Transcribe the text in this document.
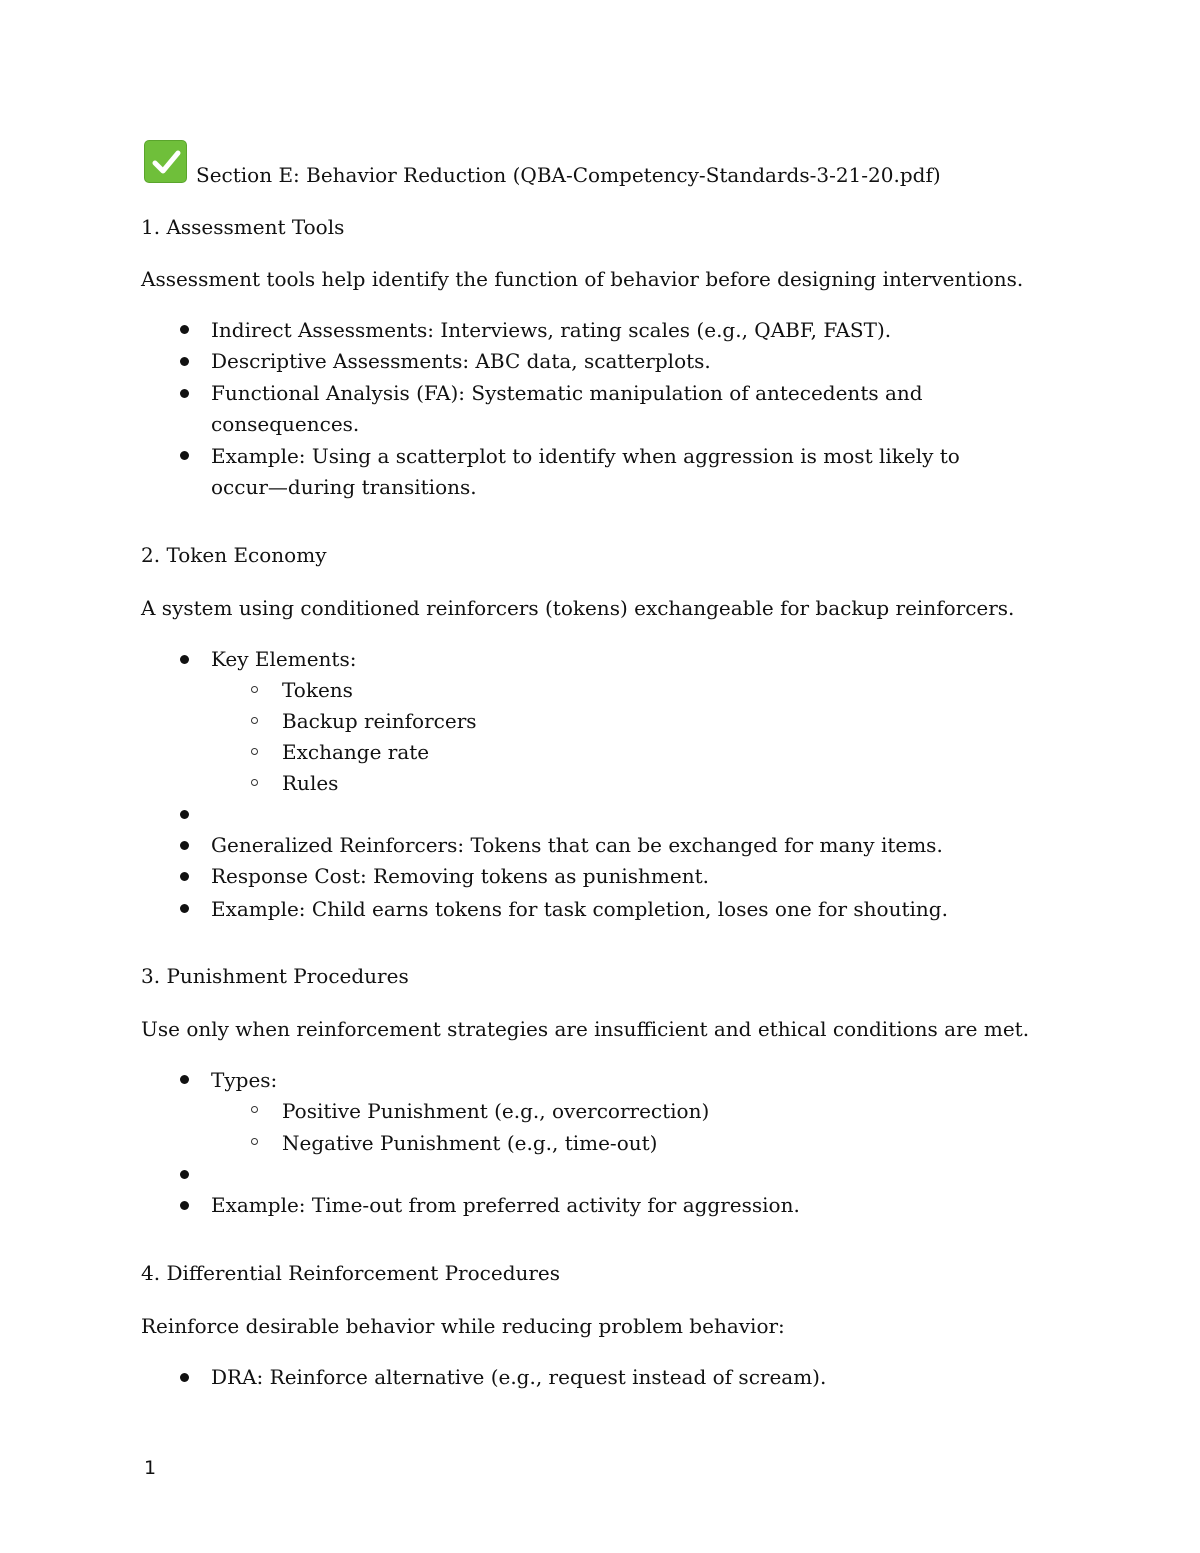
Section E: Behavior Reduction (QBA-Competency-Standards-3-21-20.pdf)
1. Assessment Tools
Assessment tools help identify the function of behavior before designing interventions.
Indirect Assessments: Interviews, rating scales (e.g., QABF, FAST).
Descriptive Assessments: ABC data, scatterplots.
Functional Analysis (FA): Systematic manipulation of antecedents and
consequences.
Example: Using a scatterplot to identify when aggression is most likely to
occur—during transitions.
2. Token Economy
A system using conditioned reinforcers (tokens) exchangeable for backup reinforcers.
Key Elements:
Tokens
Backup reinforcers
Exchange rate
Rules
Generalized Reinforcers: Tokens that can be exchanged for many items.
Response Cost: Removing tokens as punishment.
Example: Child earns tokens for task completion, loses one for shouting.
3. Punishment Procedures
Use only when reinforcement strategies are insufficient and ethical conditions are met.
Types:
Positive Punishment (e.g., overcorrection)
Negative Punishment (e.g., time-out)
Example: Time-out from preferred activity for aggression.
4. Differential Reinforcement Procedures
Reinforce desirable behavior while reducing problem behavior:
DRA: Reinforce alternative (e.g., request instead of scream).
1
